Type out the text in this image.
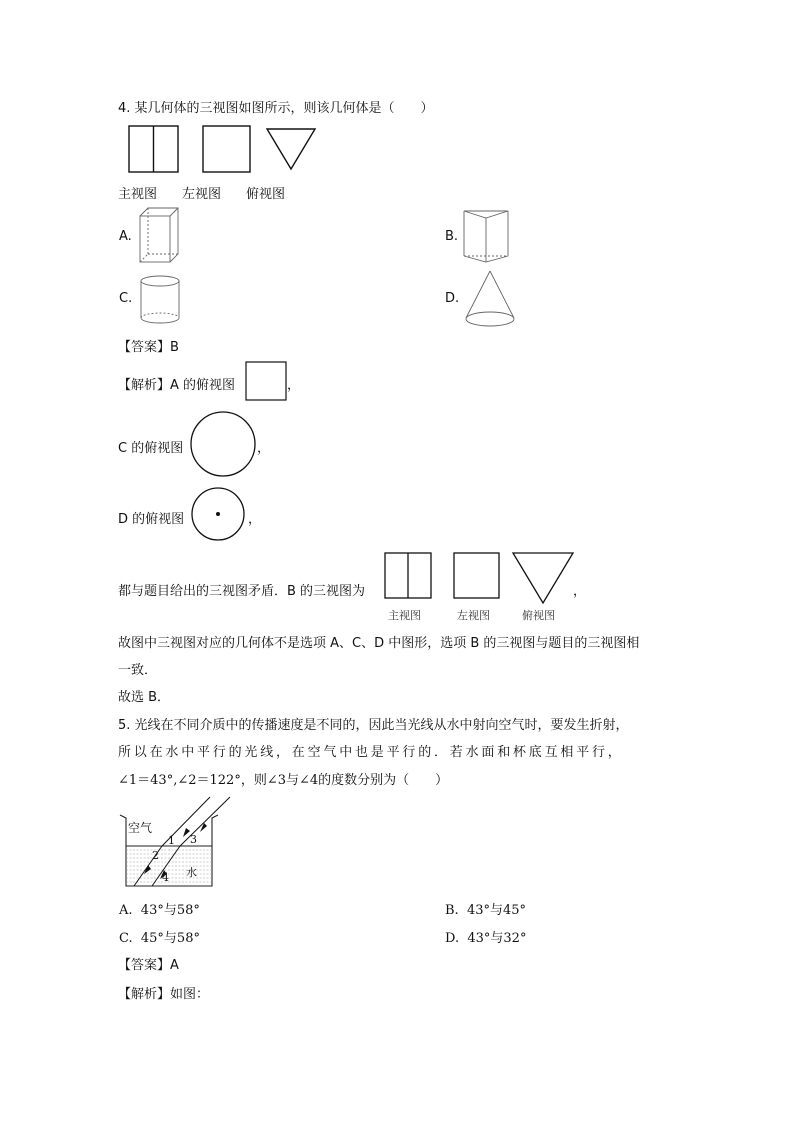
4. 某几何体的三视图如图所示，则该几何体是（　　）
主视图 左视图 俯视图
A.	B.
C.	D.
【答案】B
【解析】A 的俯视图	，
C 的俯视图	，
D 的俯视图	，
都与题目给出的三视图矛盾．B 的三视图为	，
主视图	左视图	俯视图
故图中三视图对应的几何体不是选项 A、C、D 中图形，选项 B 的三视图与题目的三视图相
一致．
故选 B．
5. 光线在不同介质中的传播速度是不同的，因此当光线从水中射向空气时，要发生折射，
所以在水中平行的光线，在空气中也是平行的．若水面和杯底互相平行，
∠1＝43°,∠2＝122°，则∠3与∠4的度数分别为（　　）
空气
水
1
2
3
4
A. 43°与58°	B. 43°与45°
C. 45°与58°	D. 43°与32°
【答案】A
【解析】如图：
